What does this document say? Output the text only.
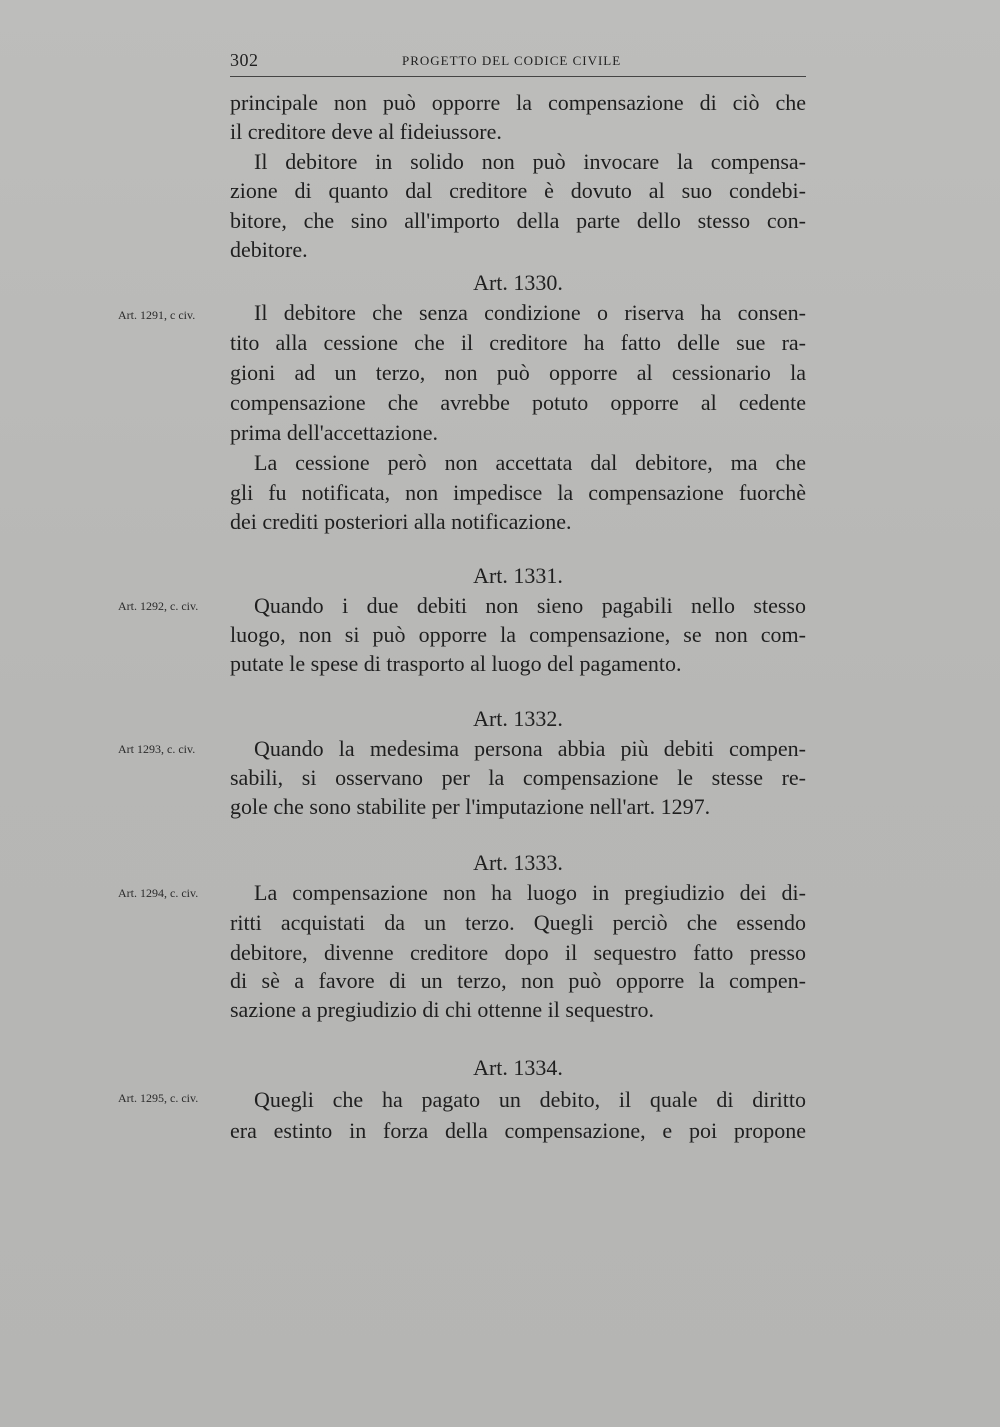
302	PROGETTO DEL CODICE CIVILE
principale non può opporre la compensazione di ciò che
il creditore deve al fideiussore.
Il debitore in solido non può invocare la compensa-
zione di quanto dal creditore è dovuto al suo condebi-
bitore, che sino all'importo della parte dello stesso con-
debitore.
Art. 1330.
Art. 1291, c civ.	Il debitore che senza condizione o riserva ha consen-
tito alla cessione che il creditore ha fatto delle sue ra-
gioni ad un terzo, non può opporre al cessionario la
compensazione che avrebbe potuto opporre al cedente
prima dell'accettazione.
La cessione però non accettata dal debitore, ma che
gli fu notificata, non impedisce la compensazione fuorchè
dei crediti posteriori alla notificazione.
Art. 1331.
Art. 1292, c. civ.	Quando i due debiti non sieno pagabili nello stesso
luogo, non si può opporre la compensazione, se non com-
putate le spese di trasporto al luogo del pagamento.
Art. 1332.
Art 1293, c. civ.	Quando la medesima persona abbia più debiti compen-
sabili, si osservano per la compensazione le stesse re-
gole che sono stabilite per l'imputazione nell'art. 1297.
Art. 1333.
Art. 1294, c. civ.	La compensazione non ha luogo in pregiudizio dei di-
ritti acquistati da un terzo. Quegli perciò che essendo
debitore, divenne creditore dopo il sequestro fatto presso
di sè a favore di un terzo, non può opporre la compen-
sazione a pregiudizio di chi ottenne il sequestro.
Art. 1334.
Art. 1295, c. civ.	Quegli che ha pagato un debito, il quale di diritto
era estinto in forza della compensazione, e poi propone
